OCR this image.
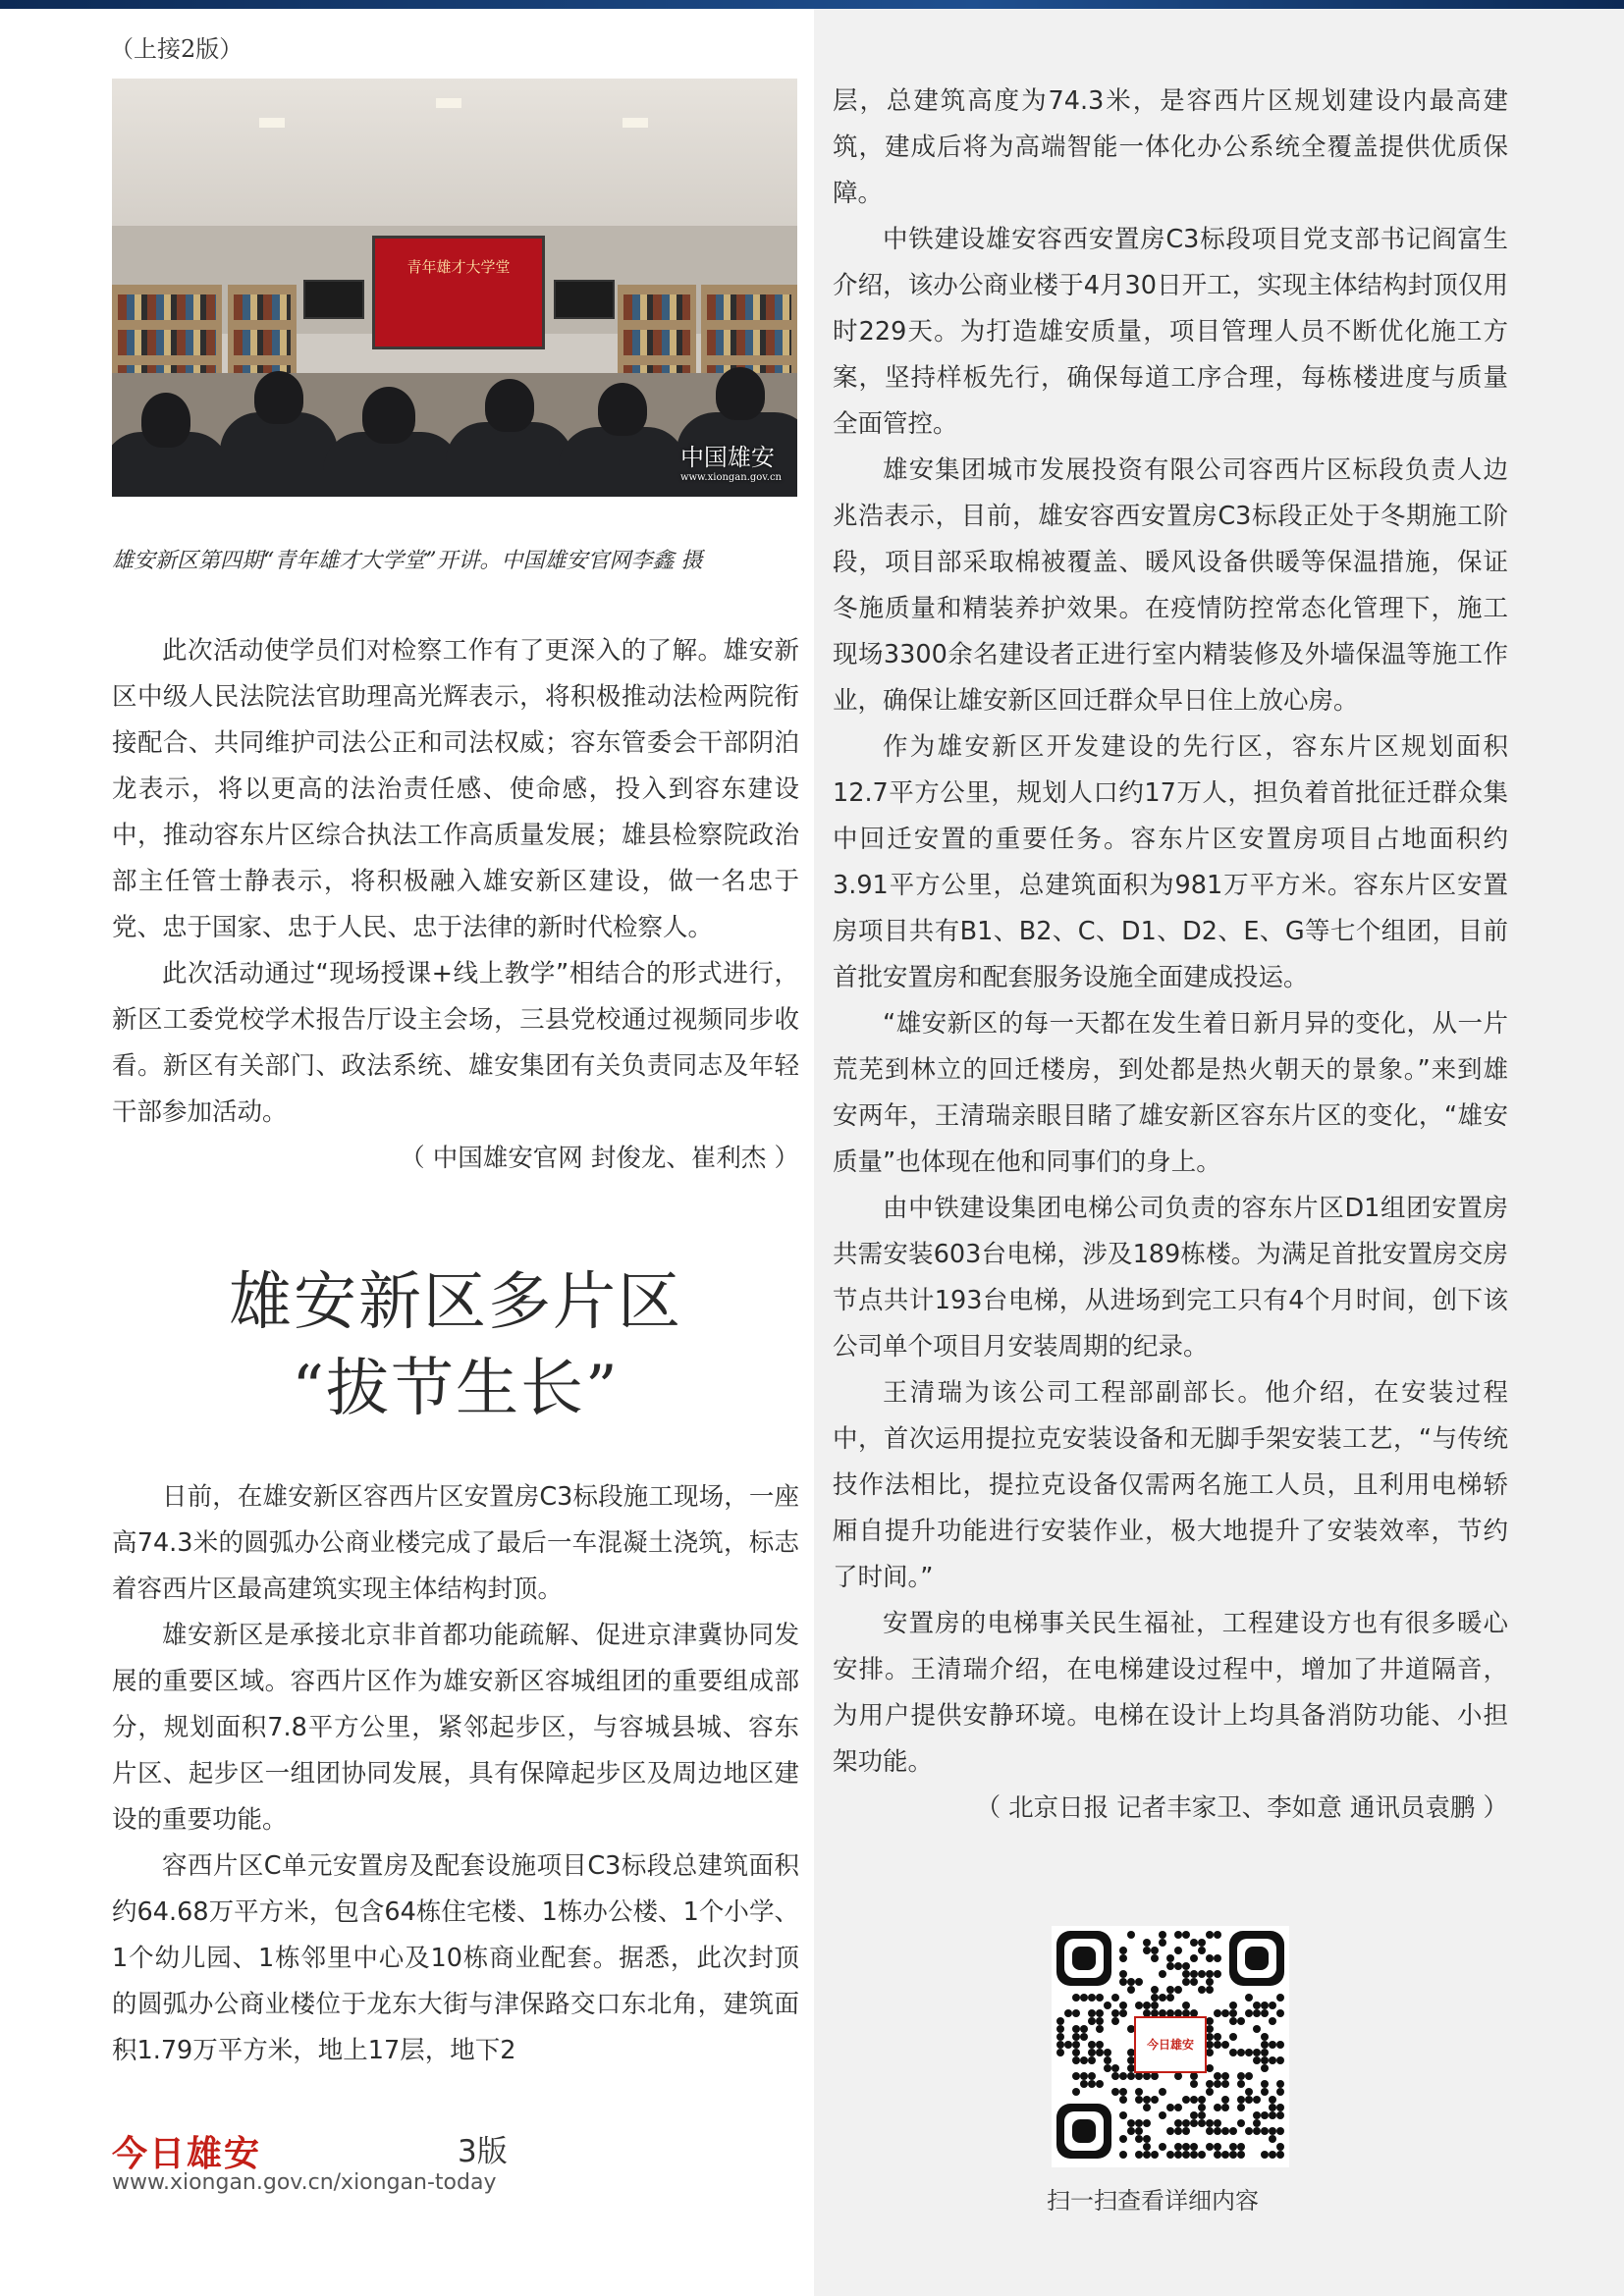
（上接2版）
青年雄才大学堂
中国雄安
www.xiongan.gov.cn
雄安新区第四期“青年雄才大学堂”开讲。中国雄安官网李鑫 摄

此次活动使学员们对检察工作有了更深入的了解。雄安新区中级人民法院法官助理高光辉表示，将积极推动法检两院衔接配合、共同维护司法公正和司法权威；容东管委会干部阴泊龙表示，将以更高的法治责任感、使命感，投入到容东建设中，推动容东片区综合执法工作高质量发展；雄县检察院政治部主任管士静表示，将积极融入雄安新区建设，做一名忠于党、忠于国家、忠于人民、忠于法律的新时代检察人。

此次活动通过“现场授课+线上教学”相结合的形式进行，新区工委党校学术报告厅设主会场，三县党校通过视频同步收看。新区有关部门、政法系统、雄安集团有关负责同志及年轻干部参加活动。

（ 中国雄安官网 封俊龙、崔利杰 ）

雄安新区多片区
“拔节生长”

日前，在雄安新区容西片区安置房C3标段施工现场，一座高74.3米的圆弧办公商业楼完成了最后一车混凝土浇筑，标志着容西片区最高建筑实现主体结构封顶。

雄安新区是承接北京非首都功能疏解、促进京津冀协同发展的重要区域。容西片区作为雄安新区容城组团的重要组成部分，规划面积7.8平方公里，紧邻起步区，与容城县城、容东片区、起步区一组团协同发展，具有保障起步区及周边地区建设的重要功能。

容西片区C单元安置房及配套设施项目C3标段总建筑面积约64.68万平方米，包含64栋住宅楼、1栋办公楼、1个小学、1个幼儿园、1栋邻里中心及10栋商业配套。据悉，此次封顶的圆弧办公商业楼位于龙东大街与津保路交口东北角，建筑面积1.79万平方米，地上17层，地下2

层，总建筑高度为74.3米，是容西片区规划建设内最高建筑，建成后将为高端智能一体化办公系统全覆盖提供优质保障。

中铁建设雄安容西安置房C3标段项目党支部书记阎富生介绍，该办公商业楼于4月30日开工，实现主体结构封顶仅用时229天。为打造雄安质量，项目管理人员不断优化施工方案，坚持样板先行，确保每道工序合理，每栋楼进度与质量全面管控。

雄安集团城市发展投资有限公司容西片区标段负责人边兆浩表示，目前，雄安容西安置房C3标段正处于冬期施工阶段，项目部采取棉被覆盖、暖风设备供暖等保温措施，保证冬施质量和精装养护效果。在疫情防控常态化管理下，施工现场3300余名建设者正进行室内精装修及外墙保温等施工作业，确保让雄安新区回迁群众早日住上放心房。

作为雄安新区开发建设的先行区，容东片区规划面积12.7平方公里，规划人口约17万人，担负着首批征迁群众集中回迁安置的重要任务。容东片区安置房项目占地面积约3.91平方公里，总建筑面积为981万平方米。容东片区安置房项目共有B1、B2、C、D1、D2、E、G等七个组团，目前首批安置房和配套服务设施全面建成投运。

“雄安新区的每一天都在发生着日新月异的变化，从一片荒芜到林立的回迁楼房，到处都是热火朝天的景象。”来到雄安两年，王清瑞亲眼目睹了雄安新区容东片区的变化，“雄安质量”也体现在他和同事们的身上。

由中铁建设集团电梯公司负责的容东片区D1组团安置房共需安装603台电梯，涉及189栋楼。为满足首批安置房交房节点共计193台电梯，从进场到完工只有4个月时间，创下该公司单个项目月安装周期的纪录。

王清瑞为该公司工程部副部长。他介绍，在安装过程中，首次运用提拉克安装设备和无脚手架安装工艺，“与传统技作法相比，提拉克设备仅需两名施工人员，且利用电梯轿厢自提升功能进行安装作业，极大地提升了安装效率，节约了时间。”

安置房的电梯事关民生福祉，工程建设方也有很多暖心安排。王清瑞介绍，在电梯建设过程中，增加了井道隔音，为用户提供安静环境。电梯在设计上均具备消防功能、小担架功能。

（ 北京日报 记者丰家卫、李如意 通讯员袁鹏 ）

今日雄安	3版
www.xiongan.gov.cn/xiongan-today
今日雄安
扫一扫查看详细内容
